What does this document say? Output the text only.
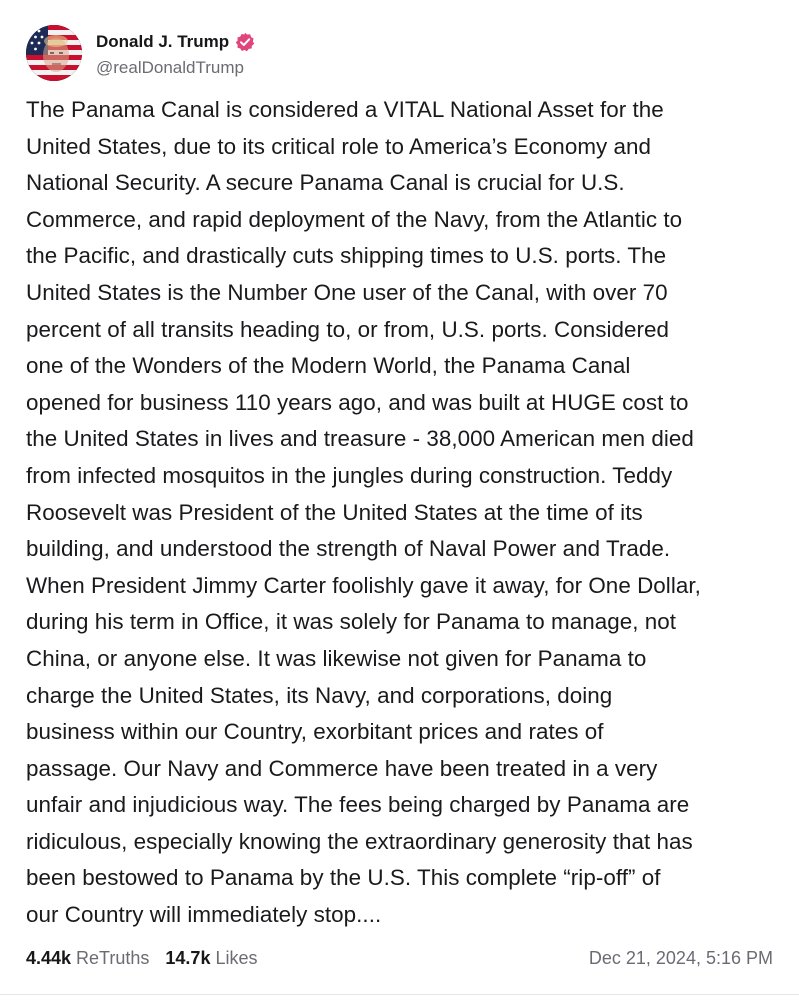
Donald J. Trump
@realDonaldTrump
The Panama Canal is considered a VITAL National Asset for the
United States, due to its critical role to America’s Economy and
National Security. A secure Panama Canal is crucial for U.S.
Commerce, and rapid deployment of the Navy, from the Atlantic to
the Pacific, and drastically cuts shipping times to U.S. ports. The
United States is the Number One user of the Canal, with over 70
percent of all transits heading to, or from, U.S. ports. Considered
one of the Wonders of the Modern World, the Panama Canal
opened for business 110 years ago, and was built at HUGE cost to
the United States in lives and treasure - 38,000 American men died
from infected mosquitos in the jungles during construction. Teddy
Roosevelt was President of the United States at the time of its
building, and understood the strength of Naval Power and Trade.
When President Jimmy Carter foolishly gave it away, for One Dollar,
during his term in Office, it was solely for Panama to manage, not
China, or anyone else. It was likewise not given for Panama to
charge the United States, its Navy, and corporations, doing
business within our Country, exorbitant prices and rates of
passage. Our Navy and Commerce have been treated in a very
unfair and injudicious way. The fees being charged by Panama are
ridiculous, especially knowing the extraordinary generosity that has
been bestowed to Panama by the U.S. This complete “rip-off” of
our Country will immediately stop....
4.44k ReTruths 14.7k Likes	Dec 21, 2024, 5:16 PM
